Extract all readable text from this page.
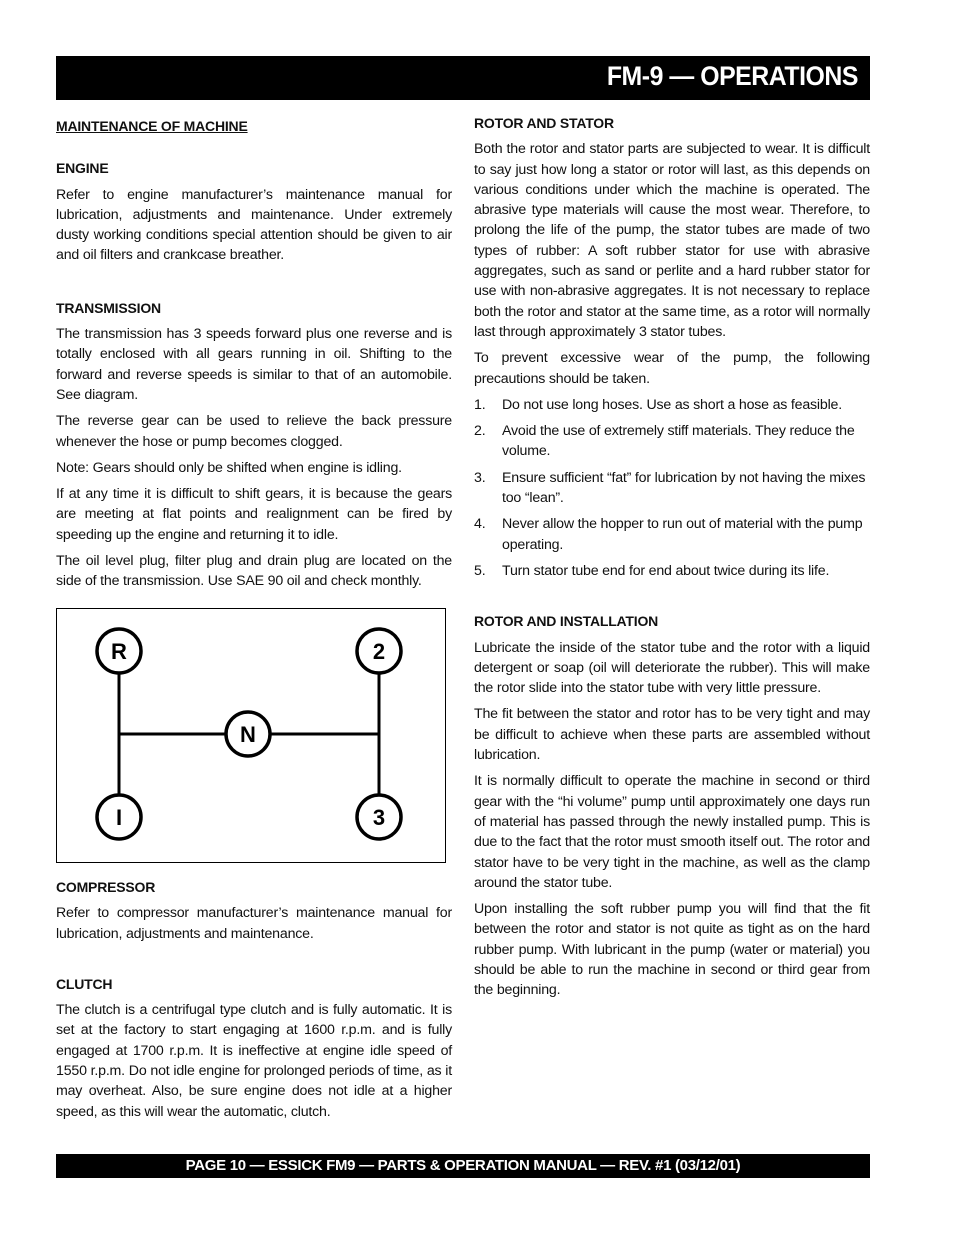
FM-9 — OPERATIONS
MAINTENANCE OF MACHINE
ENGINE

Refer to engine manufacturer’s maintenance manual for lubrication, adjustments and maintenance. Under extremely dusty working conditions special attention should be given to air and oil filters and crankcase breather.

TRANSMISSION

The transmission has 3 speeds forward plus one reverse and is totally enclosed with all gears running in oil. Shifting to the forward and reverse speeds is similar to that of an automobile. See diagram.

The reverse gear can be used to relieve the back pressure whenever the hose or pump becomes clogged.

Note: Gears should only be shifted when engine is idling.

If at any time it is difficult to shift gears, it is because the gears are meeting at flat points and realignment can be fired by speeding up the engine and returning it to idle.

The oil level plug, filter plug and drain plug are located on the side of the transmission. Use SAE 90 oil and check monthly.

R	2
N
I	3
COMPRESSOR

Refer to compressor manufacturer’s maintenance manual for lubrication, adjustments and maintenance.

CLUTCH

The clutch is a centrifugal type clutch and is fully automatic. It is set at the factory to start engaging at 1600 r.p.m. and is fully engaged at 1700 r.p.m. It is ineffective at engine idle speed of 1550 r.p.m. Do not idle engine for prolonged periods of time, as it may overheat. Also, be sure engine does not idle at a higher speed, as this will wear the automatic, clutch.

ROTOR AND STATOR

Both the rotor and stator parts are subjected to wear. It is difficult to say just how long a stator or rotor will last, as this depends on various conditions under which the machine is operated. The abrasive type materials will cause the most wear. Therefore, to prolong the life of the pump, the stator tubes are made of two types of rubber: A soft rubber stator for use with abrasive aggregates, such as sand or perlite and a hard rubber stator for use with non-abrasive aggregates. It is not necessary to replace both the rotor and stator at the same time, as a rotor will normally last through approximately 3 stator tubes.

To prevent excessive wear of the pump, the following precautions should be taken.

1. Do not use long hoses. Use as short a hose as feasible.
2. Avoid the use of extremely stiff materials. They reduce the volume.
3. Ensure sufficient “fat” for lubrication by not having the mixes too “lean”.
4. Never allow the hopper to run out of material with the pump operating.
5. Turn stator tube end for end about twice during its life.
ROTOR AND INSTALLATION

Lubricate the inside of the stator tube and the rotor with a liquid detergent or soap (oil will deteriorate the rubber). This will make the rotor slide into the stator tube with very little pressure.

The fit between the stator and rotor has to be very tight and may be difficult to achieve when these parts are assembled without lubrication.

It is normally difficult to operate the machine in second or third gear with the “hi volume” pump until approximately one days run of material has passed through the newly installed pump. This is due to the fact that the rotor must smooth itself out. The rotor and stator have to be very tight in the machine, as well as the clamp around the stator tube.

Upon installing the soft rubber pump you will find that the fit between the rotor and stator is not quite as tight as on the hard rubber pump. With lubricant in the pump (water or material) you should be able to run the machine in second or third gear from the beginning.

PAGE 10 — ESSICK FM9 — PARTS & OPERATION MANUAL — REV. #1 (03/12/01)
